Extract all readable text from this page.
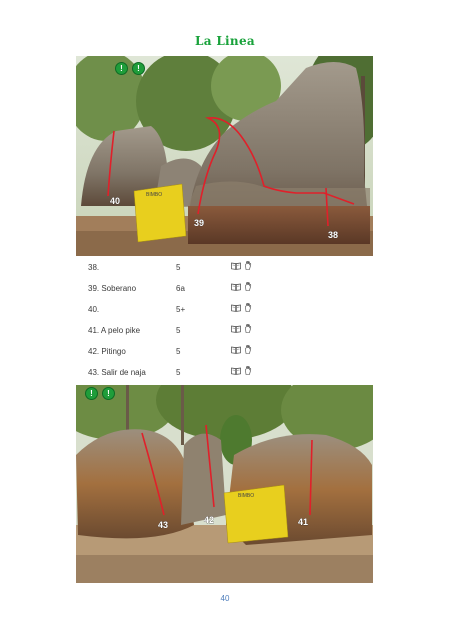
La Linea
BIMBO
40
39
38
!	!
38.	5
39. Soberano	6a
40.	5+
41. A pelo pike	5
42. Pitingo	5
43. Salir de naja	5
BIMBO
43	42	41
!	!
40
